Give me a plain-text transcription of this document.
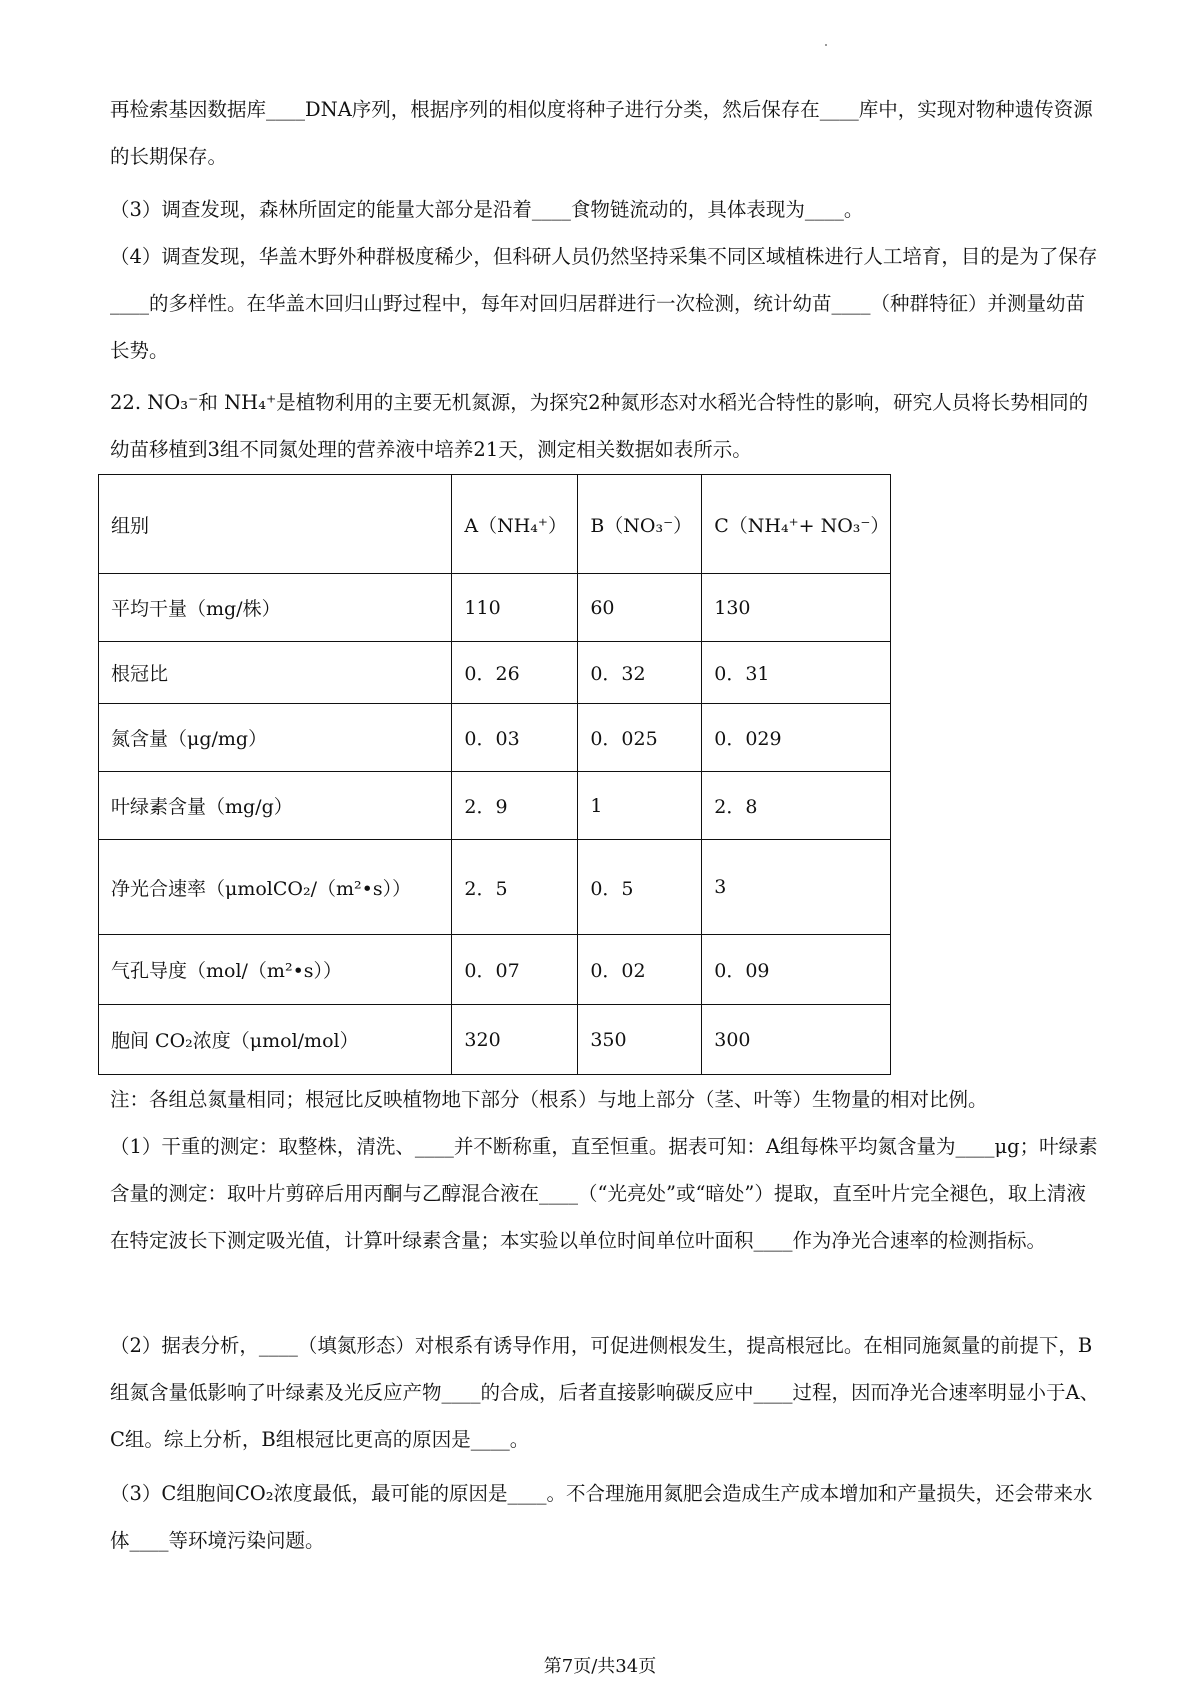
再检索基因数据库____DNA序列，根据序列的相似度将种子进行分类，然后保存在____库中，实现对物种遗传资源的长期保存。

（3）调查发现，森林所固定的能量大部分是沿着____食物链流动的，具体表现为____。

（4）调查发现，华盖木野外种群极度稀少，但科研人员仍然坚持采集不同区域植株进行人工培育，目的是为了保存____的多样性。在华盖木回归山野过程中，每年对回归居群进行一次检测，统计幼苗____（种群特征）并测量幼苗长势。

22. NO₃⁻和 NH₄⁺是植物利用的主要无机氮源，为探究2种氮形态对水稻光合特性的影响，研究人员将长势相同的幼苗移植到3组不同氮处理的营养液中培养21天，测定相关数据如表所示。

组别	A（NH₄⁺）	B（NO₃⁻）	C（NH₄⁺+ NO₃⁻）
平均干量（mg/株）	110	60	130
根冠比	0．26	0．32	0．31
氮含量（μg/mg）	0．03	0．025	0．029
叶绿素含量（mg/g）	2．9	1	2．8
净光合速率（μmolCO₂/（m²•s））	2．5	0．5	3
气孔导度（mol/（m²•s））	0．07	0．02	0．09
胞间 CO₂浓度（μmol/mol）	320	350	300

注：各组总氮量相同；根冠比反映植物地下部分（根系）与地上部分（茎、叶等）生物量的相对比例。

（1）干重的测定：取整株，清洗、____并不断称重，直至恒重。据表可知：A组每株平均氮含量为____μg；叶绿素含量的测定：取叶片剪碎后用丙酮与乙醇混合液在____（“光亮处”或“暗处”）提取，直至叶片完全褪色，取上清液在特定波长下测定吸光值，计算叶绿素含量；本实验以单位时间单位叶面积____作为净光合速率的检测指标。

（2）据表分析，____（填氮形态）对根系有诱导作用，可促进侧根发生，提高根冠比。在相同施氮量的前提下，B组氮含量低影响了叶绿素及光反应产物____的合成，后者直接影响碳反应中____过程，因而净光合速率明显小于A、C组。综上分析，B组根冠比更高的原因是____。

（3）C组胞间CO₂浓度最低，最可能的原因是____。不合理施用氮肥会造成生产成本增加和产量损失，还会带来水体____等环境污染问题。

第7页/共34页
